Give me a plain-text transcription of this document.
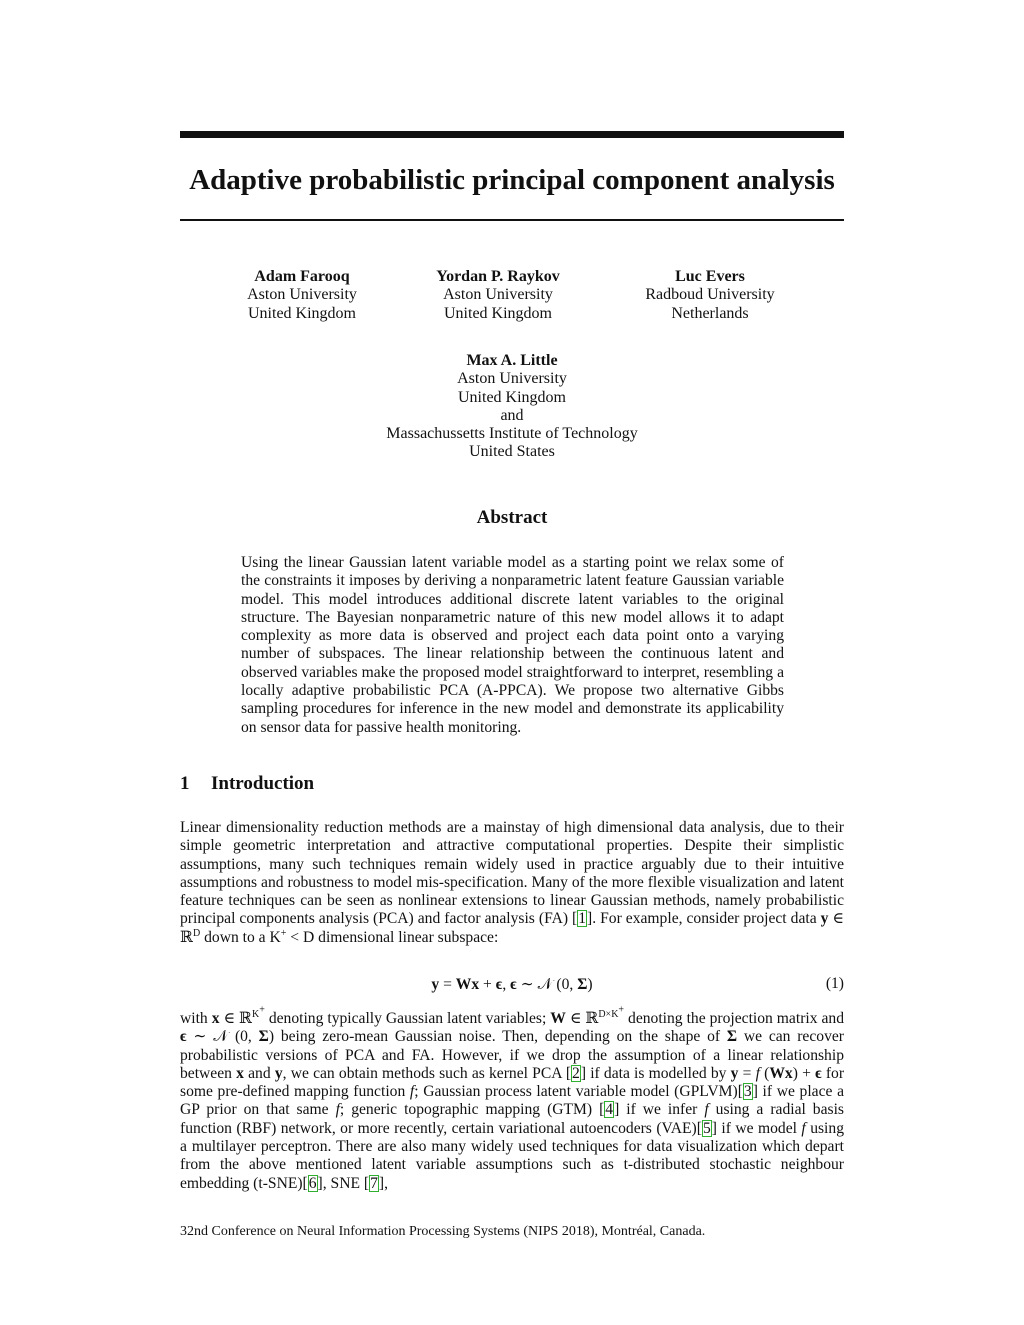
Adaptive probabilistic principal component analysis
Adam Farooq
Aston University
United Kingdom
Yordan P. Raykov
Aston University
United Kingdom
Luc Evers
Radboud University
Netherlands
Max A. Little
Aston University
United Kingdom
and
Massachussetts Institute of Technology
United States
Abstract

Using the linear Gaussian latent variable model as a starting point we relax some of the constraints it imposes by deriving a nonparametric latent feature Gaussian variable model. This model introduces additional discrete latent variables to the original structure. The Bayesian nonparametric nature of this new model allows it to adapt complexity as more data is observed and project each data point onto a varying number of subspaces. The linear relationship between the continuous latent and observed variables make the proposed model straightforward to interpret, resembling a locally adaptive probabilistic PCA (A-PPCA). We propose two alternative Gibbs sampling procedures for inference in the new model and demonstrate its applicability on sensor data for passive health monitoring.

1 Introduction

Linear dimensionality reduction methods are a mainstay of high dimensional data analysis, due to their simple geometric interpretation and attractive computational properties. Despite their simplistic assumptions, many such techniques remain widely used in practice arguably due to their intuitive assumptions and robustness to model mis-specification. Many of the more flexible visualization and latent feature techniques can be seen as nonlinear extensions to linear Gaussian methods, namely probabilistic principal components analysis (PCA) and factor analysis (FA) [1]. For example, consider project data y ∈ ℝ$^D$ down to a K+ < D dimensional linear subspace:

y = Wx + ϵ, ϵ ∼ 𝒩 (0, Σ)	(1)

with x ∈ ℝ$^{K^+}$ denoting typically Gaussian latent variables; W ∈ ℝ$^{D\times K^+}$ denoting the projection matrix and ϵ ∼ 𝒩 (0, Σ) being zero-mean Gaussian noise. Then, depending on the shape of Σ we can recover probabilistic versions of PCA and FA. However, if we drop the assumption of a linear relationship between x and y, we can obtain methods such as kernel PCA [2] if data is modelled by y = f (Wx) + ϵ for some pre-defined mapping function f; Gaussian process latent variable model (GPLVM)[3] if we place a GP prior on that same f; generic topographic mapping (GTM) [4] if we infer f using a radial basis function (RBF) network, or more recently, certain variational autoencoders (VAE)[5] if we model f using a multilayer perceptron. There are also many widely used techniques for data visualization which depart from the above mentioned latent variable assumptions such as t-distributed stochastic neighbour embedding (t-SNE)[6], SNE [7],

32nd Conference on Neural Information Processing Systems (NIPS 2018), Montréal, Canada.
